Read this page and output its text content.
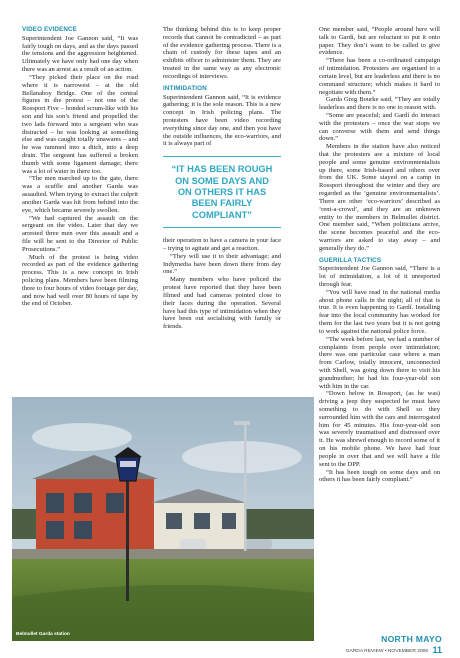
VIDEO EVIDENCE

Superintendent Joe Gannon said, “It was fairly tough on days, and as the days passed the tensions and the aggression heightened. Ultimately we have only had one day when there was an arrest as a result of an action.

“They picked their place on the road where it is narrowest – at the old Bellanaboy Bridge. One of the central figures in the protest – not one of the Rossport Five – bonded scrum-like with his son and his son’s friend and propelled the two lads forward into a sergeant who was distracted – he was looking at something else and was caught totally unawares – and he was rammed into a ditch, into a deep drain. The sergeant has suffered a broken thumb with some ligament damage; there was a lot of water in there too.

“The men marched up to the gate, there was a scuffle and another Garda was assaulted. When trying to extract the culprit another Garda was hit from behind into the eye, which became severely swollen.

“We had captured the assault on the sergeant on the video. Later that day we arrested three men over this assault and a file will be sent to the Director of Public Prosecutions.”

Much of the protest is being video recorded as part of the evidence gathering process. This is a new concept in Irish policing plans. Members have been filming three to four hours of video footage per day, and now had well over 80 hours of tape by the end of October.

The thinking behind this is to keep proper records that cannot be contradicted – as part of the evidence gathering process. There is a chain of custody for these tapes and an exhibits officer to administer them. They are treated in the same way as any electronic recordings of interviews.

INTIMIDATION

Superintendent Gannon said, “It is evidence gathering; it is the sole reason. This is a new concept in Irish policing plans. The protesters have been video recording everything since day one, and then you have the outside influences, the eco-warriors, and it is always part of

“IT HAS BEEN ROUGH ON SOME DAYS AND ON OTHERS IT HAS BEEN FAIRLY COMPLIANT”

their operation to have a camera in your face – trying to agitate and get a reaction.

“They will use it to their advantage; and Indymedia have been down there from day one.”

Many members who have policed the protest have reported that they have been filmed and had cameras pointed close to their faces during the operation. Several have had this type of intimidation when they have been out socialising with family or friends.

One member said, “People around here will talk to Gardí, but are reluctant to put it onto paper. They don’t want to be called to give evidence.

“There has been a co-ordinated campaign of intimidation. Protesters are organised to a certain level, but are leaderless and there is no command structure; which makes it hard to negotiate with them.”

Garda Greg Bourke said, “They are totally leaderless and there is no one to reason with.

“Some are peaceful; and Gardí do interact with the protesters – once the war stops we can converse with them and send things down.”

Members in the station have also noticed that the protesters are a mixture of local people and some genuine environmentalists up there, some Irish-based and others over from the UK. Some stayed on a camp in Rossport throughout the winter and they are regarded as the ‘genuine environmentalists’. There are other ‘eco-warriors’ described as ‘rent-a-crowd’, and they are an unknown entity to the members in Belmullet district. One member said, “When politicians arrive, the scene becomes peaceful and the eco-warriors are asked to stay away – and generally they do.”

GUERILLA TACTICS

Superintendent Joe Gannon said, “There is a lot of intimidation, a lot of it unreported through fear.

“You will have read in the national media about phone calls in the night; all of that is true. It is even happening to Gardí. Installing fear into the local community has worked for them for the last two years but it is not going to work against the national police force.

“The week before last, we had a number of complaints from people over intimidation; there was one particular case where a man from Carlow, totally innocent, unconnected with Shell, was going down there to visit his grandmother; he had his four-year-old son with him in the car.

“Down below in Rossport, (as he was) driving a jeep they suspected he must have something to do with Shell so they surrounded him with the cars and interrogated him for 45 minutes. His four-year-old son was severely traumatised and distressed over it. He was shrewd enough to record some of it on his mobile phone. We have had four people in over that and we will have a file sent to the DPP.

“It has been tough on some days and on others it has been fairly compliant.”

Belmullet Garda station	NORTH MAYO
GARDA REVIEW • NOVEMBER 2006 11
